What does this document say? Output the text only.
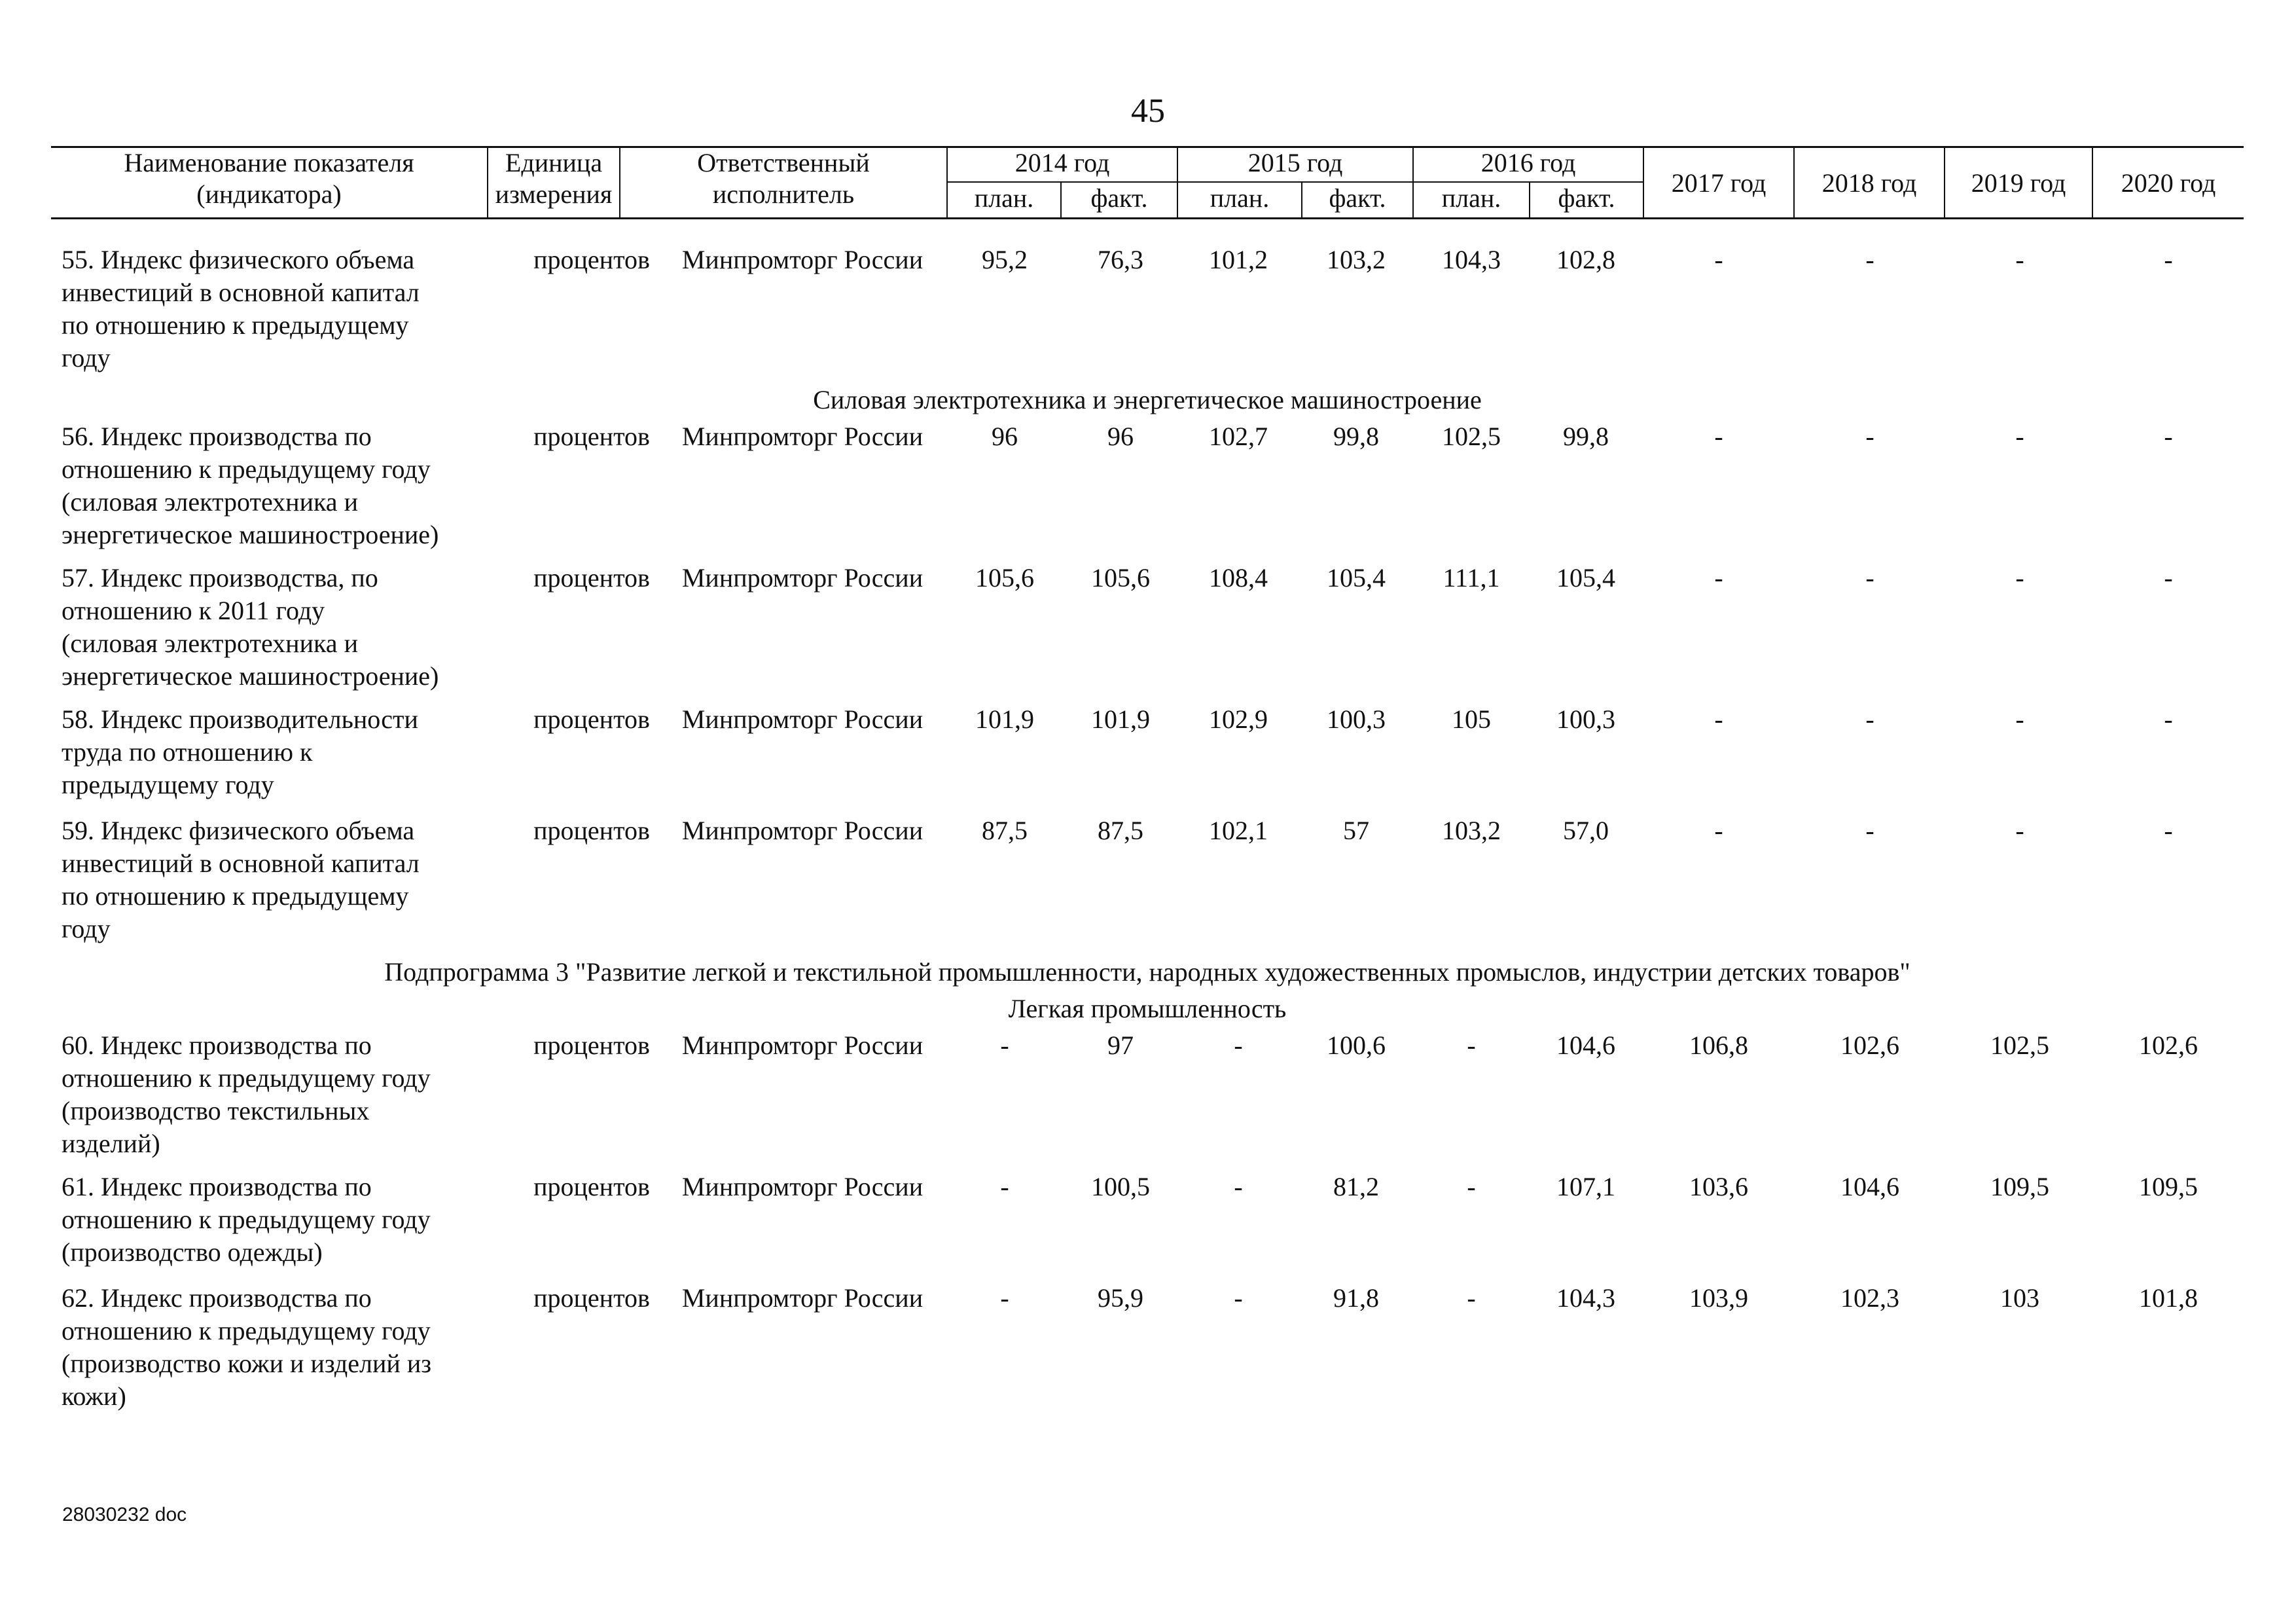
45
Наименование показателя
(индикатора)
Единица
измерения
Ответственный
исполнитель
2014 год	2015 год	2016 год
план.	факт.	план.	факт.	план.	факт.
2017 год	2018 год	2019 год	2020 год
55. Индекс физического объема
инвестиций в основной капитал
по отношению к предыдущему
году
процентов	Минпромторг России	95,2	76,3	101,2	103,2	104,3	102,8	-	-	-	-
Силовая электротехника и энергетическое машиностроение
56. Индекс производства по
отношению к предыдущему году
(силовая электротехника и
энергетическое машиностроение)
процентов	Минпромторг России	96	96	102,7	99,8	102,5	99,8	-	-	-	-
57. Индекс производства, по
отношению к 2011 году
(силовая электротехника и
энергетическое машиностроение)
процентов	Минпромторг России	105,6	105,6	108,4	105,4	111,1	105,4	-	-	-	-
58. Индекс производительности
труда по отношению к
предыдущему году
процентов	Минпромторг России	101,9	101,9	102,9	100,3	105	100,3	-	-	-	-
59. Индекс физического объема
инвестиций в основной капитал
по отношению к предыдущему
году
процентов	Минпромторг России	87,5	87,5	102,1	57	103,2	57,0	-	-	-	-
Подпрограмма 3 "Развитие легкой и текстильной промышленности, народных художественных промыслов, индустрии детских товаров"
Легкая промышленность
60. Индекс производства по
отношению к предыдущему году
(производство текстильных
изделий)
процентов	Минпромторг России	-	97	-	100,6	-	104,6	106,8	102,6	102,5	102,6
61. Индекс производства по
отношению к предыдущему году
(производство одежды)
процентов	Минпромторг России	-	100,5	-	81,2	-	107,1	103,6	104,6	109,5	109,5
62. Индекс производства по
отношению к предыдущему году
(производство кожи и изделий из
кожи)
процентов	Минпромторг России	-	95,9	-	91,8	-	104,3	103,9	102,3	103	101,8
28030232 doc
